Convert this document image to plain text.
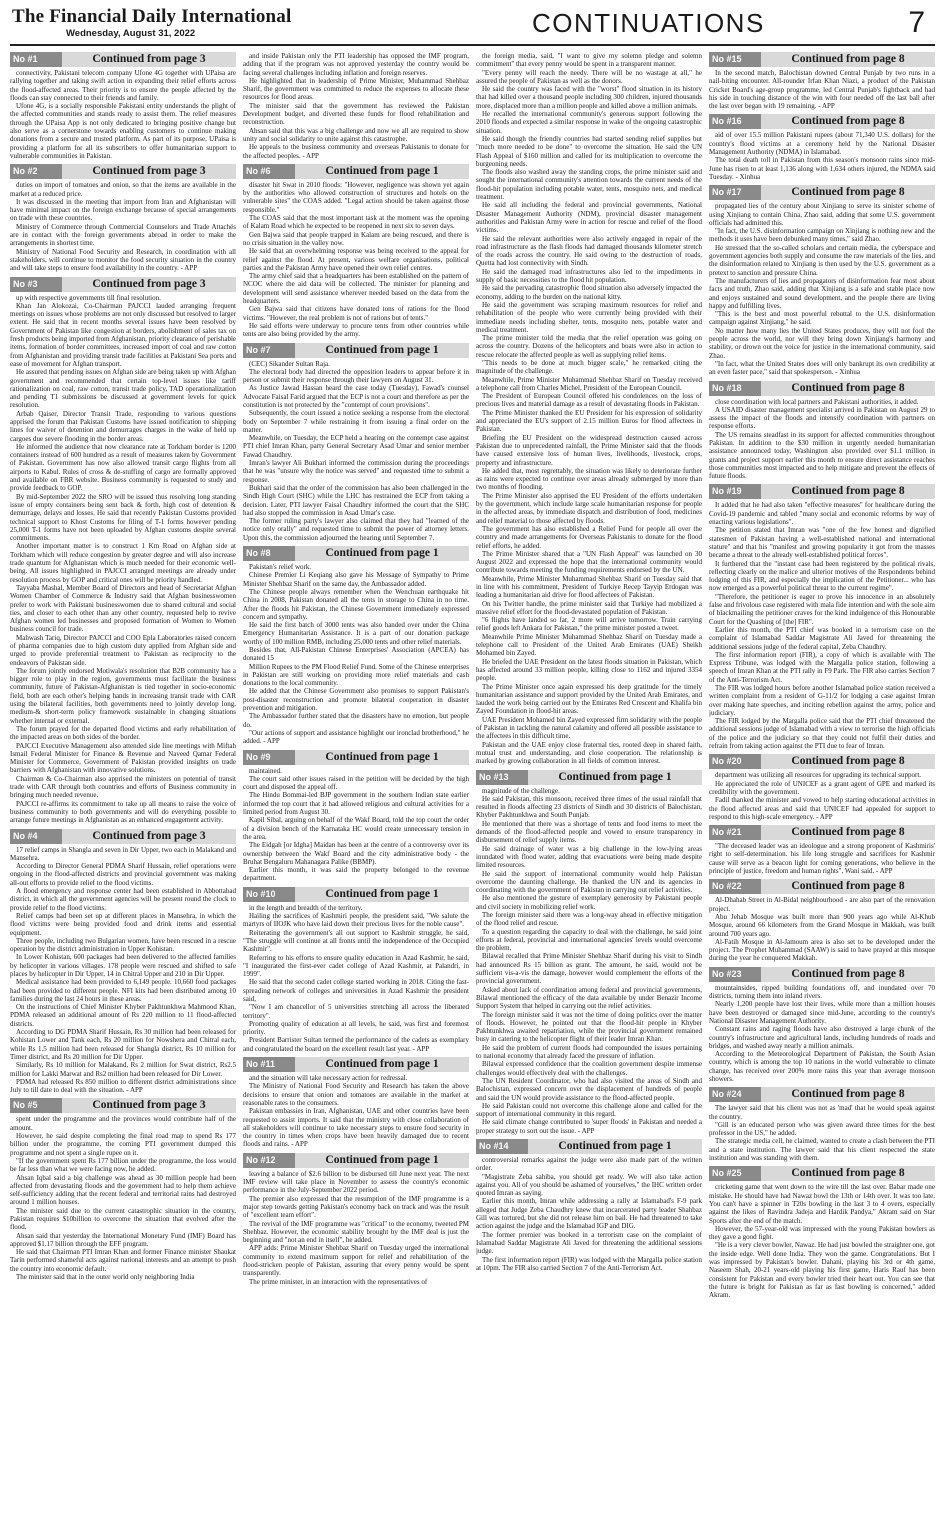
The Financial Daily International
Wednesday, August 31, 2022	CONTINUATIONS	7
No #1	Continued from page 3

connectivity, Pakistani telecom company Ufone 4G together with UPaisa are rallying together and taking swift action in expanding their relief efforts across the flood-affected areas. Their priority is to ensure the people affected by the floods can stay connected to their friends and family.

Ufone 4G, is a socially responsible Pakistani entity understands the plight of the affected communities and stands ready to assist them. The relief measures through the UPaisa App is not only dedicated to bringing positive change but also serve as a cornerstone towards enabling customers to continue making donations from a secure and trusted platform. As part of its purpose, UPaisa is providing a platform for all its subscribers to offer humanitarian support to vulnerable communities in Pakistan.

No #2	Continued from page 3

duties on import of tomatoes and onion, so that the items are available in the market at a reduced price.

It was discussed in the meeting that import from Iran and Afghanistan will have minimal impact on the foreign exchange because of special arrangements on trade with these countries.

Ministry of Commerce through Commercial Counselors and Trade Attachés are in contact with the foreign governments abroad in order to make the arrangements in shortest time.

Ministry of National Food Security and Research, in coordination with all stakeholders, will continue to monitor the food security situation in the country and will take steps to ensure food availability in the country. - APP

No #3	Continued from page 3

up with respective governments till final resolution.

Khan Jan Alokozai, Co-Chairman PAJCCI lauded arranging frequent meetings on issues whose problems are not only discussed but resolved to larger extent. He said that in recent months several issues have been resolved by Government of Pakistan like congestion at borders, abolishment of sales tax on fresh products being imported from Afghanistan, priority clearance of perishable items, formation of border committees, increased import of coal and raw cotton from Afghanistan and providing transit trade facilities at Pakistani Sea ports and ease of movement for Afghan transport.

He assured that pending issues on Afghan side are being taken up with Afghan government and recommended that certain top-level issues like tariff rationalization on coal, raw cotton, transit trade policy, TAD operationalization and pending T1 submissions be discussed at government levels for quick resolution.

Arbab Qaiser, Director Transit Trade, responding to various questions apprised the forum that Pakistan Customs have issued notification to shipping lines for waiver of detention and demurrages charges in the wake of held up cargoes due severe flooding in the border areas.

He informed the audience that now clearance rate at Torkham border is 1200 containers instead of 600 hundred as a result of measures taken by Government of Pakistan. Government has now also allowed transit cargo flights from all airports to Kabul. Rules of cross & de-stuffing of cargo are formally approved and available on FBR website. Business community is requested to study and provide feedback to GOP.

By mid-September 2022 the SRO will be issued thus resolving long standing issue of empty containers being sent back & forth, high cost of detention & demurrage, delays and losses. He said that recently Pakistan Customs provided technical support to Khost Customs for filing of T-1 forms however pending 25,000 T-1 forms have not been uploaded by Afghan customs despite several commitments.

Another important matter is to construct 1 Km Road on Afghan side at Torkham which will reduce congestion by greater degree and will also increase trade quantum for Afghanistan which is much needed for their economic well-being. All issues highlighted in PAJCCI arranged meetings are already under resolution process by GOP and critical ones will be priority handled.

Tayyaba Mashal, Member Board of Directors and head of Secretariat Afghan Women Chamber of Commerce & Industry said that Afghan businesswomen prefer to work with Pakistani businesswomen due to shared cultural and social ties, and closer to each other than any other country, requested help to revive Afghan women led businesses and proposed formation of Women to Women business council for trade.

Mahwash Tariq, Director PAJCCI and COO Epla Laboratories raised concern of pharma companies due to high custom duty applied from Afghan side and urged to provide preferential treatment to Pakistan as reciprocity to the endeavors of Pakistan side.

The forum jointly endorsed Motiwala's resolution that B2B community has a bigger role to play in the region, governments must facilitate the business community, future of Pakistan-Afghanistan is tied together in socio-economic field, both are each other's helping hands in increasing transit trade with CAR using the bilateral facilities, both governments need to jointly develop long, medium-& short-term policy framework sustainable in changing situations whether internal or external.

The forum prayed for the departed flood victims and early rehabilitation of the impacted areas on both sides of the border.

PAJCCI Executive Management also attended side line meetings with Miftah Ismail Federal Minister for Finance & Revenue and Naveed Qamar Federal Minister for Commerce, Government of Pakistan provided insights on trade barriers with Afghanistan with innovative solutions.

Chairman & Co-Chairman also apprised the ministers on potential of transit trade with CAR through both countries and efforts of Business community in bringing much needed revenue.

PAJCCI re-affirms its commitment to take up all means to raise the voice of business community to both governments and will do everything possible to arrange future meetings in Afghanistan as an enhanced engagement activity.

No #4	Continued from page 3

17 relief camps in Shangla and seven in Dir Upper, two each in Malakand and Mansehra.

According to Director General PDMA Sharif Hussain, relief operations were ongoing in the flood-affected districts and provincial government was making all-out efforts to provide relief to the flood victims.

A flood emergency and response center had been established in Abbottabad district, in which all the government agencies will be present round the clock to provide relief to the flood victims.

Relief camps had been set up at different places in Mansehra, in which the flood victims were being provided food and drink items and essential equipment.

Three people, including two Bulgarian women, have been rescued in a rescue operation by the district administration in Upper Kohistan.

In Lower Kohistan, 600 packages had been delivered to the affected families by helicopter in various villages. 178 people were rescued and shifted to safe places by helicopter in Dir Upper, 14 in Chitral Upper and 210 in Dir Upper.

Medical assistance had been provided to 6,149 people. 10,660 food packages had been provided to different people. NFI kits had been distributed among 10 families during the last 24 hours in these areas.

On the instructions of Chief Minister Khyber Pakhtunkhwa Mahmood Khan, PDMA released an additional amount of Rs 220 million to 11 flood-affected districts.

According to DG PDMA Sharif Hussain, Rs 30 million had been released for Kohistan Lower and Tank each, Rs 20 million for Nowshera and Chitral each, while Rs 1.5 million had been released for Shangla district, Rs 10 million for Timer district, and Rs 20 million for Dir Upper.

Similarly, Rs 10 million for Malakand, Rs 2 million for Swat district, Rs2.5 million for Lakki Marwat and Rs2 million had been released for Dir Lower.

PDMA had released Rs 850 million to different district administrations since July to till date to deal with the situation. - APP

No #5	Continued from page 3

spent under the programme and the provinces would contribute half of the amount.

However, he said despite completing the final road map to spend Rs 177 billion under the programme, the coming PTI government dumped this programme and not spent a single rupee on it.

"If the government spent Rs 177 billion under the programme, the loss would be far less than what we were facing now, he added.

Ahsan Iqbal said a big challenge was ahead as 30 million people had been affected from devastating floods and the government had to help them achieve self-sufficiency adding that the recent federal and territorial rains had destroyed around 1 million houses.

The minister said due to the current catastrophic situation in the country, Pakistan requires $10billion to overcome the situation that evolved after the flood.

Ahsan said that yesterday the International Monetary Fund (IMF) Board has approved $1.17 billion through the EFF program.

He said that Chairman PTI Imran Khan and former Finance minister Shaukat Tarin performed shameful acts against national interests and an attempt to push the country into economic default.

The minister said that in the outer world only neighboring India

and inside Pakistan only the PTI leadership has opposed the IMF program, adding that if the program was not approved yesterday the country would be facing several challenges including inflation and foreign reserves.

He highlighted that in leadership of Prime Minister, Muhammad Shehbaz Sharif, the government was committed to reduce the expenses to allocate these resources for flood areas.

The minister said that the government has reviewed the Pakistan Development budget, and diverted these funds for flood rehabilitation and reconstruction.

Ahsan said that this was a big challenge and now we all are required to show unity and social solidarity to unite against this catastrophe.

He appeals to the business community and overseas Pakistanis to donate for the affected peoples. - APP

No #6	Continued from page 1

disaster hit Swat in 2010 floods: "However, negligence was shown yet again by the authorities who allowed construction of structures and hotels on the vulnerable sites" the COAS added. "Legal action should be taken against those responsible."

The COAS said that the most important task at the moment was the opening of Kalam Road which he expected to be reopened in next six to seven days.

Gen Bajwa said that people trapped in Kalam are being rescued, and there is no crisis situation in the valley now.

He said that an overwhelming response was being received to the appeal for relief against the flood. At present, various welfare organisations, political parties and the Pakistan Army have opened their own relief centres.

The army chief said that a headquarters has been established on the pattern of NCOC where the aid data will be collected. The minister for planning and development will send assistance wherever needed based on the data from the headquarters.

Gen Bajwa said that citizens have donated tons of rations for the flood victims. "However, the real problem is not of rations but of tents."

He said efforts were underway to procure tents from other countries while tents are also being provided by the army.

No #7	Continued from page 1

(CEC) Sikander Sultan Raja.

The electoral body had directed the opposition leaders to appear before it in person or submit their response through their lawyers on August 31.

As Justice Jawad Hassan heard the case today (Tuesday), Fawad's counsel Advocate Faisal Farid argued that the ECP is not a court and therefore as per the constitution is not protected by the "contempt of court provisions".

Subsequently, the court issued a notice seeking a response from the electoral body on September 7 while restraining it from issuing a final order on the matter.

Meanwhile, on Tuesday, the ECP held a hearing on the contempt case against PTI chief Imran Khan, party General Secretary Asad Umar and senior member Fawad Chaudhry.

Imran's lawyer Ali Bukhari informed the commission during the proceedings that he was "unsure why the notice was served" and requested time to submit a response.

Bukhari said that the order of the commission has also been challenged in the Sindh High Court (SHC) while the LHC has restrained the ECP from taking a decision. Later, PTI lawyer Faisal Chaudhry informed the court that the SHC had also stopped the commission in Asad Umar's case.

The former ruling party's lawyer also claimed that they had "learned of the notice only orally" and requested time to submit the power of attorney letters. Upon this, the commission adjourned the hearing until September 7.

No #8	Continued from page 1

Pakistan's relief work.

Chinese Premier Li Keqiang also gave his Message of Sympathy to Prime Minister Shehbaz Sharif on the same day, the Ambassador added.

The Chinese people always remember when the Wenchuan earthquake hit China in 2008, Pakistan donated all the tents in storage to China in no time. After the floods hit Pakistan, the Chinese Government immediately expressed concern and sympathy.

He said the first batch of 3000 tents was also handed over under the China Emergency Humanitarian Assistance. It is a part of our donation package worthy of 100 million RMB, including 25,000 tents and other relief materials.

Besides that, All-Pakistan Chinese Enterprises' Association (APCEA) has donated 15

Million Rupees to the PM Flood Relief Fund. Some of the Chinese enterprises in Pakistan are still working on providing more relief materials and cash donations to the local community.

He added that the Chinese Government also promises to support Pakistan's post-disaster reconstruction and promote bilateral cooperation in disaster prevention and mitigation.

The Ambassador further stated that the disasters have no emotion, but people do.

"Our actions of support and assistance highlight our ironclad brotherhood," he added. - APP

No #9	Continued from page 1

maintained.

The court said other issues raised in the petition will be decided by the high court and disposed the appeal off.

The Hindu Bommai-led BJP government in the southern Indian state earlier informed the top court that it had allowed religious and cultural activities for a limited period from August 30.

Kapil Sibal, arguing on behalf of the Wakf Board, told the top court the order of a division bench of the Karnataka HC would create unnecessary tension in the area.

The Eidgah [or Idgha] Maidan has been at the centre of a controversy over its ownership between the Wakf Board and the city administrative body - the Bruhat Bengaluru Mahanagara Palike (BBMP).

Earlier this month, it was said the property belonged to the revenue department.

No #10	Continued from page 1

in the length and breadth of the territory.

Hailing the sacrifices of Kashmiri people, the president said, "We salute the martyrs of IIOJK who have laid down their precious lives for the noble cause".

Reiterating the government's all out support to Kashmir struggle, he said, "The struggle will continue at all fronts until the independence of the Occupied Kashmir".

Referring to his efforts to ensure quality education in Azad Kashmir, he said, "I inaugurated the first-ever cadet college of Azad Kashmir, at Palandri, in 1999".

He said that the second cadet college started working in 2018. Citing the fast-spreading network of colleges and universities in Azad Kashmir the president said,

"Now I am chancellor of 5 universities stretching all across the liberated territory".

Promoting quality of education at all levels, he said, was first and foremost priority.

President Barrister Sultan termed the performance of the cadets as exemplary and congratulated the board on the excellent result last year. - APP

No #11	Continued from page 1

and the situation will take necessary action for redressal.

The Ministry of National Food Security and Research has taken the above decisions to ensure that onion and tomatoes are available in the market at reasonable rates to the consumers.

Pakistan embassies in Iran, Afghanistan, UAE and other countries have been requested to assist imports. It said that the ministry with close collaboration of all stakeholders will continue to take necessary steps to ensure food security in the country in times when crops have been heavily damaged due to recent floods and rains. - APP

No #12	Continued from page 1

leaving a balance of $2.6 billion to be disbursed till June next year. The next IMF review will take place in November to assess the country's economic performance in the July-September 2022 period.

The premier also expressed that the resumption of the IMF programme is a major step towards getting Pakistan's economy back on track and was the result of "excellent team effort".

The revival of the IMF programme was "critical" to the economy, tweeted PM Shehbaz. However, the economic stability brought by the IMF deal is just the beginning and "not an end in itself", he added.

APP adds: Prime Minister Shehbaz Sharif on Tuesday urged the international community to extend maximum support for relief and rehabilitation of the flood-stricken people of Pakistan, assuring that every penny would be spent transparently.

The prime minister, in an interaction with the representatives of

the foreign media, said, "I want to give my solemn pledge and solemn commitment" that every penny would be spent in a transparent manner.

"Every penny will reach the needy. There will be no wastage at all," he assured the people of Pakistan as well as the donors.

He said the country was faced with the "worst" flood situation in its history that had killed over a thousand people including 300 children, injured thousands more, displaced more than a million people and killed above a million animals.

He recalled the international community's generous support following the 2010 floods and expected a similar response in wake of the ongoing catastrophic situation.

He said though the friendly countries had started sending relief supplies but "much more needed to be done" to overcome the situation. He said the UN Flash Appeal of $160 million and called for its multiplication to overcome the burgeoning needs.

The floods also washed away the standing crops, the prime minister said and sought the international community's attention towards the current needs of the flood-hit population including potable water, tents, mosquito nets, and medical treatment.

He said all including the federal and provincial governments, National Disaster Management Authority (NDM), provincial disaster management authorities and Pakistan Army were in action for rescue and relief of the flood victims.

He said the relevant authorities were also actively engaged in repair of the road infrastructure as the flash floods had damaged thousands kilometer stretch of the roads across the country. He said owing to the destruction of roads, Quetta had lost connectivity with Sindh.

He said the damaged road infrastructures also led to the impediments in supply of basic necessities to the flood hit population.

He said the pervading catastrophic flood situation also adversely impacted the economy, adding to the burden on the national kitty.

He said the government was scraping maximum resources for relief and rehabilitation of the people who were currently being provided with their immediate needs including shelter, tents, mosquito nets, potable water and medical treatment.

The prime minister told the media that the relief operation was going on across the country. Dozens of the helicopters and boats were also in action to rescue relocate the affected people as well as supplying relief items.

"This needs to be done at much bigger scale," he remarked citing the magnitude of the challenge.

Meanwhile, Prime Minister Muhammad Shehbaz Sharif on Tuesday received a telephone call from Charles Michel, President of the European Council.

The President of European Council offered his condolences on the loss of precious lives and material damage as a result of devastating floods in Pakistan.

The Prime Minister thanked the EU President for his expression of solidarity and appreciated the EU's support of 2.15 million Euros for flood affectees in Pakistan.

Briefing the EU President on the widespread destruction caused across Pakistan due to unprecedented rainfall, the Prime Minister said that the floods have caused extensive loss of human lives, livelihoods, livestock, crops, property and infrastructure.

He added that, most regrettably, the situation was likely to deteriorate further as rains were expected to continue over areas already submerged by more than two months of flooding.

The Prime Minister also apprised the EU President of the efforts undertaken by the government, which include large scale humanitarian response for people in the affected areas, by immediate dispatch and distribution of food, medicines and relief material to those affected by floods.

The government has also established a Relief Fund for people all over the country and made arrangements for Overseas Pakistanis to donate for the flood relief efforts, he added.

The Prime Minister shared that a "UN Flash Appeal" was launched on 30 August 2022 and expressed the hope that the international community would contribute towards meeting the funding requirements endorsed by the UN.

Meanwhile, Prime Minister Muhammad Shehbaz Sharif on Tuesday said that in line with his commitment, President of Turkiye Recep Tayyip Erdogan was leading a humanitarian aid drive for flood affectees of Pakistan.

On his Twitter handle, the prime minister said that Turkiye had mobilized a massive relief effort for the flood-devastated population of Pakistan.

"6 flights have landed so far, 2 more will arrive tomorrow. Train carrying relief goods left Ankara for Pakistan," the prime minister posted a tweet.

Meanwhile Prime Minister Muhammad Shehbaz Sharif on Tuesday made a telephone call to President of the United Arab Emirates (UAE) Sheikh Mohamed bin Zayed.

He briefed the UAE President on the latest floods situation in Pakistan, which has affected around 33 million people, killing close to 1162 and injured 3354 people.

The Prime Minister once again expressed his deep gratitude for the timely humanitarian assistance and support provided by the United Arab Emirates, and lauded the work being carried out by the Emirates Red Crescent and Khalifa bin Zayed Foundation in flood-hit areas.

UAE President Mohamed bin Zayed expressed firm solidarity with the people of Pakistan in tackling the natural calamity and offered all possible assistance to the affectees in this difficult time.

Pakistan and the UAE enjoy close fraternal ties, rooted deep in shared faith, mutual trust and understanding, and close cooperation. The relationship is marked by growing collaboration in all fields of common interest.

No #13	Continued from page 1

magnitude of the challenge.

He said Pakistan, this monsoon, received three times of the usual rainfall that resulted in floods affecting 23 districts of Sindh and 30 districts of Balochistan, Khyber Pakhtunkhwa and South Punjab.

He mentioned that there was a shortage of tents and food items to meet the demands of the flood-affected people and vowed to ensure transparency in disbursement of relief supply items.

He said drainage of water was a big challenge in the low-lying areas inundated with flood water, adding that evacuations were being made despite limited resources.

He said the support of international community would help Pakistan overcome the daunting challenge. He thanked the UN and its agencies in coordinating with the government of Pakistan in carrying out relief activities.

He also mentioned the gesture of exemplary generosity by Pakistani people and civil society in mobilizing relief work.

The foreign minister said there was a long-way ahead in effective mitigation of the flood relief and rescue.

To a question regarding the capacity to deal with the challenge, he said joint efforts at federal, provincial and international agencies' levels would overcome the problem.

Bilawal recalled that Prime Minister Shehbaz Sharif during his visit to Sindh had announced Rs 15 billion as grant. The amount, he said, would not be sufficient vis-a-vis the damage, however would complement the efforts of the provincial government.

Asked about lack of coordination among federal and provincial governments, Bilawal mentioned the efficacy of the data available by under Benazir Income Support System that helped in carrying out the relief activities.

The foreign minister said it was not the time of doing politics over the matter of floods. However, he pointed out that the flood-hit people in Khyber Pakhtunkhwa awaited repatriation, while the provincial government remained busy in catering to the helicopter flight of their leader Imran Khan.

He said the problem of current floods had compounded the issues pertaining to national economy that already faced the pressure of inflation.

Bilawal expressed confidence that the coalition government despite immense challenges would effectively deal with the challenges.

The UN Resident Coordinator, who had also visited the areas of Sindh and Balochistan, expressed concern over the displacement of hundreds of people and said the UN would provide assistance to the flood-affected people.

He said Pakistan could not overcome this challenge alone and called for the support of international community in this regard.

He said climate change contributed to 'super floods' in Pakistan and needed a proper strategy to sort out the issue. - APP

No #14	Continued from page 1

controversial remarks against the judge were also made part of the written order.

"Magistrate Zeba sahiba, you should get ready. We will also take action against you. All of you should be ashamed of yourselves," the IHC written order quoted Imran as saying.

Earlier this month, Imran while addressing a rally at Islamabad's F-9 park alleged that Judge Zeba Chaudhry knew that incarcerated party leader Shahbaz Gill was tortured, but she did not release him on bail. He had threatened to take action against the judge and the Islamabad IGP and DIG.

The former premier was booked in a terrorism case on the complaint of Islamabad Saddar Magistrate Ali Javed for threatening the additional sessions judge.

The first information report (FIR) was lodged with the Margalla police station at 10pm. The FIR also carried Section 7 of the Anti-Terrorism Act.

No #15	Continued from page 8

In the second match, Balochistan downed Central Punjab by two runs in a nail-biting encounter. All-rounder Irfan Khan Niazi, a product of the Pakistan Cricket Board's age-group programme, led Central Punjab's fightback and had his side in touching distance of the win with four needed off the last ball after the last over began with 19 remaining. - APP

No #16	Continued from page 8

aid of over 15.5 million Pakistani rupees (about 71,340 U.S. dollars) for the country's flood victims at a ceremony held by the National Disaster Management Authority (NDMA) in Islamabad.

The total death toll in Pakistan from this season's monsoon rains since mid-June has risen to at least 1,136 along with 1,634 others injured, the NDMA said Tuesday. - Xinhua

No #17	Continued from page 8

propagated lies of the century about Xinjiang to serve its sinister scheme of using Xinjiang to contain China, Zhao said, adding that some U.S. government officials had admitted this.

"In fact, the U.S. disinformation campaign on Xinjiang is nothing new and the methods it uses have been debunked many times," said Zhao.

He stressed that the so-called scholars and certain media, the cyberspace and government agencies both supply and consume the raw materials of the lies, and the disinformation related to Xinjiang is then used by the U.S. government as a pretext to sanction and pressure China.

The manufacturers of lies and propagators of disinformation fear most about facts and truth, Zhao said, adding that Xinjiang is a safe and stable place now and enjoys sustained and sound development, and the people there are living happy and fulfilling lives.

"This is the best and most powerful rebuttal to the U.S. disinformation campaign against Xinjiang," he said.

No matter how many lies the United States produces, they will not fool the people across the world, nor will they bring down Xinjiang's harmony and stability, or drown out the voice for justice in the international community, said Zhao.

"In fact, what the United States does will only bankrupt its own credibility at an even faster pace," said that spokesperson. - Xinhua

No #18	Continued from page 8

close coordination with local partners and Pakistani authorities, it added.

A USAID disaster management specialist arrived in Pakistan on August 29 to assess the impact of the floods and intensify coordination with partners on response efforts.

The US remains steadfast in its support for affected communities throughout Pakistan. In addition to the $30 million in urgently needed humanitarian assistance announced today, Washington also provided over $1.1 million in grants and project support earlier this month to ensure direct assistance reaches those communities most impacted and to help mitigate and prevent the effects of future floods.

No #19	Continued from page 8

It added that he had also taken "effective measures" for healthcare during the Covid-19 pandemic and tabled "many social and economic reforms by way of enacting various legislations".

The petition stated that Imran was "one of the few honest and dignified statesmen of Pakistan having a well-established national and international stature" and that his "manifest and growing popularity it got from the masses became a threat to the already well-established political forces".

It furthered that the "instant case had been registered by the political rivals, reflecting clearly on the malice and ulterior motives of the Respondents behind lodging of this FIR, and especially the implication of the Petitioner... who has now emerged as a powerful political threat to the current regime".

"Therefore, the petitioner is eager to prove his innocence in an absolutely false and frivolous case registered with mala fide intention and with the sole aim of blackmailing the petitioner craves for the kind indulgence of this Honourable Court for the Quashing of [the] FIR".

Earlier this month, the PTI chief was booked in a terrorism case on the complaint of Islamabad Saddar Magistrate Ali Javed for threatening the additional sessions judge of the federal capital, Zeba Chaudhry.

The first information report (FIR), a copy of which is available with The Express Tribune, was lodged with the Margalla police station, following a speech of Imran Khan at the PTI rally in F9 Park. The FIR also carries Section 7 of the Anti-Terrorism Act.

The FIR was lodged hours before another Islamabad police station received a written complaint from a resident of G-11/2 for lodging a case against Imran over making hate speeches, and inciting rebellion against the army, police and judiciary.

The FIR lodged by the Margalla police said that the PTI chief threatened the additional sessions judge of Islamabad with a view to terrorise the high officials of the police and the judiciary so that they could not fulfil their duties and refrain from taking action against the PTI due to fear of Imran.

No #20	Continued from page 8

department was utilizing all resources for upgrading its technical support.

He appreciated the role of UNICEF as a grant agent of GPE and marked its credibility with the government.

Fadil thanked the minister and vowed to help starting educational activities in the flood affected areas and said that UNICEF had appealed for support to respond to this high-scale emergency. - APP

No #21	Continued from page 8

"The deceased leader was an ideologue and a strong proponent of Kashmiris' right to self-determination. his life long struggle and sacrifices for Kashmir cause will serve as a beacon light for coming generations, who believe in the principle of justice, freedom and human rights", Wani said. - APP

No #22	Continued from page 8

Al-Dhahab Street in Al-Bidal neighbourhood - are also part of the renovation project.

Abu Jehab Mosque was built more than 900 years ago while Al-Khub Mosque, around 66 kilometers from the Grand Mosque in Makkah, was built around 700 years ago.

Al-Fatih Mosque in Al-Jamoum area is also set to be developed under the project. The Prophet Muhammad (SAAW) is said to have prayed at this mosque during the year he conquered Makkah.

No #23	Continued from page 8

mountainsides, ripped building foundations off, and inundated over 70 districts, turning them into inland rivers.

Nearly 1,200 people have lost their lives, while more than a million houses have been destroyed or damaged since mid-June, according to the country's National Disaster Management Authority.

Constant rains and raging floods have also destroyed a large chunk of the country's infrastructure and agricultural lands, including hundreds of roads and bridges, and washed away nearly a million animals.

According to the Meteorological Department of Pakistan, the South Asian country, which is among the top 10 nations in the world vulnerable to climate change, has received over 200% more rains this year than average monsoon showers.

No #24	Continued from page 8

The lawyer said that his client was not as 'mad' that he would speak against the country.

"Gill is an educated person who was given award three times for the best professor in the US," he added.

The strategic media cell, he claimed, wanted to create a clash between the PTI and a state institution. The lawyer said that his client respected the state institution and was standing with them.

No #25	Continued from page 8

cricketing game that went down to the wire till the last over. Babar made one mistake. He should have had Nawaz bowl the 13th or 14th over. It was too late. You can't have a spinner in T20s bowling in the last 3 to 4 overs, especially against the likes of Ravindra Jadeja and Hardik Pandya," Akram said on Star Sports after the end of the match.

However, the 57-year-old was impressed with the young Pakistan bowlers as they gave a good fight.

"He is a very clever bowler, Nawaz. He had just bowled the straighter one, got the inside edge. Well done India. They won the game. Congratulations. But I was impressed by Pakistan's bowler. Dahani, playing his 3rd or 4th game, Naseem Shah, 20-21 years-old playing his first game, Haris Rauf has been consistent for Pakistan and every bowler tried their heart out. You can see that the future is bright for Pakistan as far as fast bowling is concerned," added Akram.
